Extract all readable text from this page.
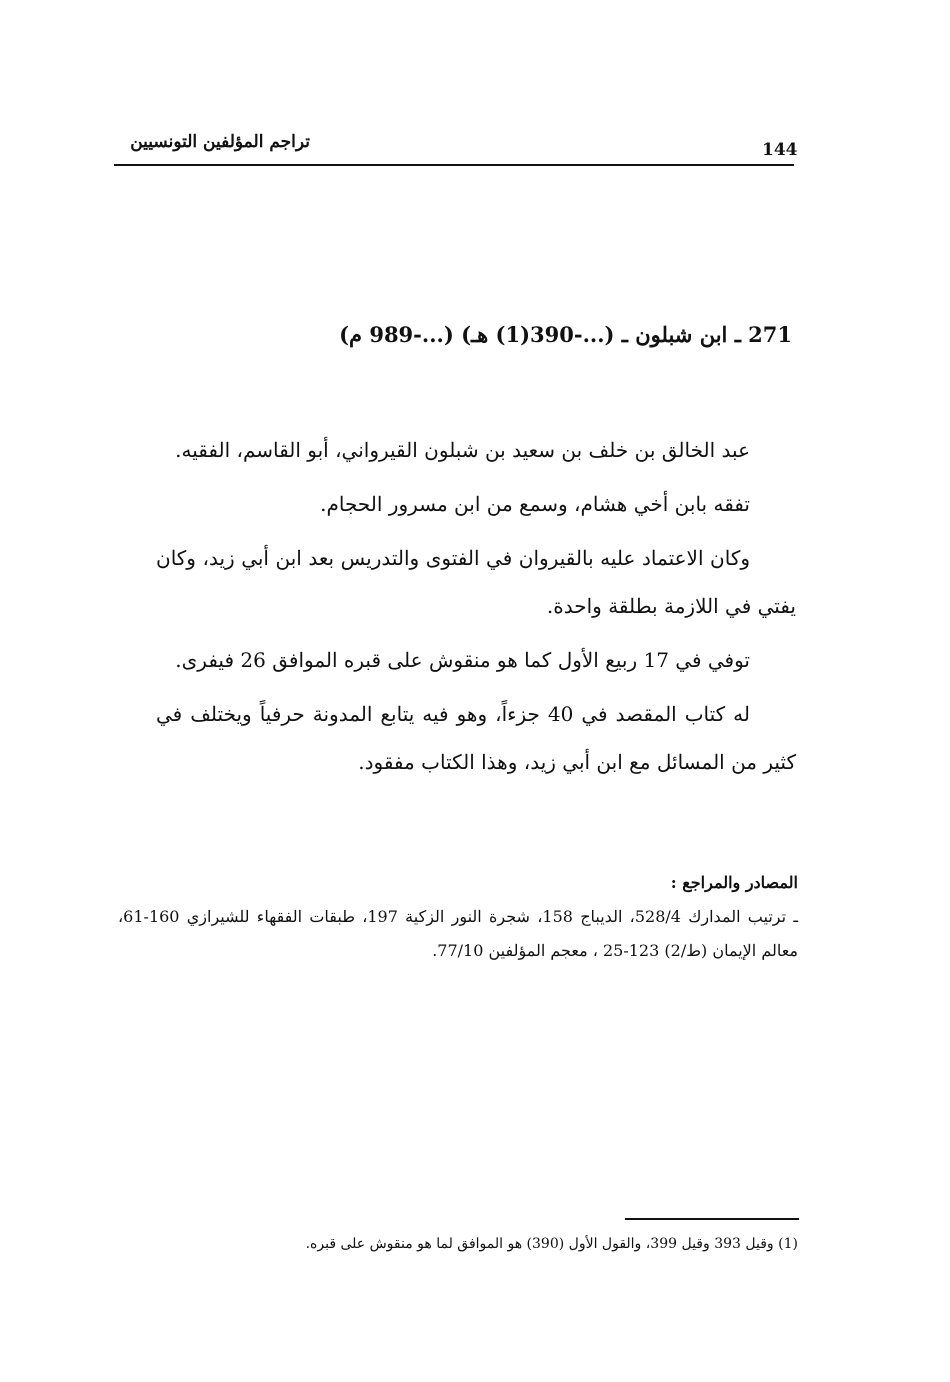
تراجم المؤلفين التونسيين	144
271 ـ ابن شبلون ـ (...-390(1) هـ) (...-989 م)

عبد الخالق بن خلف بن سعيد بن شبلون القيرواني، أبو القاسم، الفقيه.

تفقه بابن أخي هشام، وسمع من ابن مسرور الحجام.

وكان الاعتماد عليه بالقيروان في الفتوى والتدريس بعد ابن أبي زيد، وكان يفتي في اللازمة بطلقة واحدة.

توفي في 17 ربيع الأول كما هو منقوش على قبره الموافق 26 فيفرى.

له كتاب المقصد في 40 جزءاً، وهو فيه يتابع المدونة حرفياً ويختلف في كثير من المسائل مع ابن أبي زيد، وهذا الكتاب مفقود.

المصادر والمراجع :

ـ ترتيب المدارك 528/4، الديباج 158، شجرة النور الزكية 197، طبقات الفقهاء للشيرازي 160-61، معالم الإيمان (ط/2) 123-25 ، معجم المؤلفين 77/10.

(1) وقيل 393 وقيل 399، والقول الأول (390) هو الموافق لما هو منقوش على قبره.
